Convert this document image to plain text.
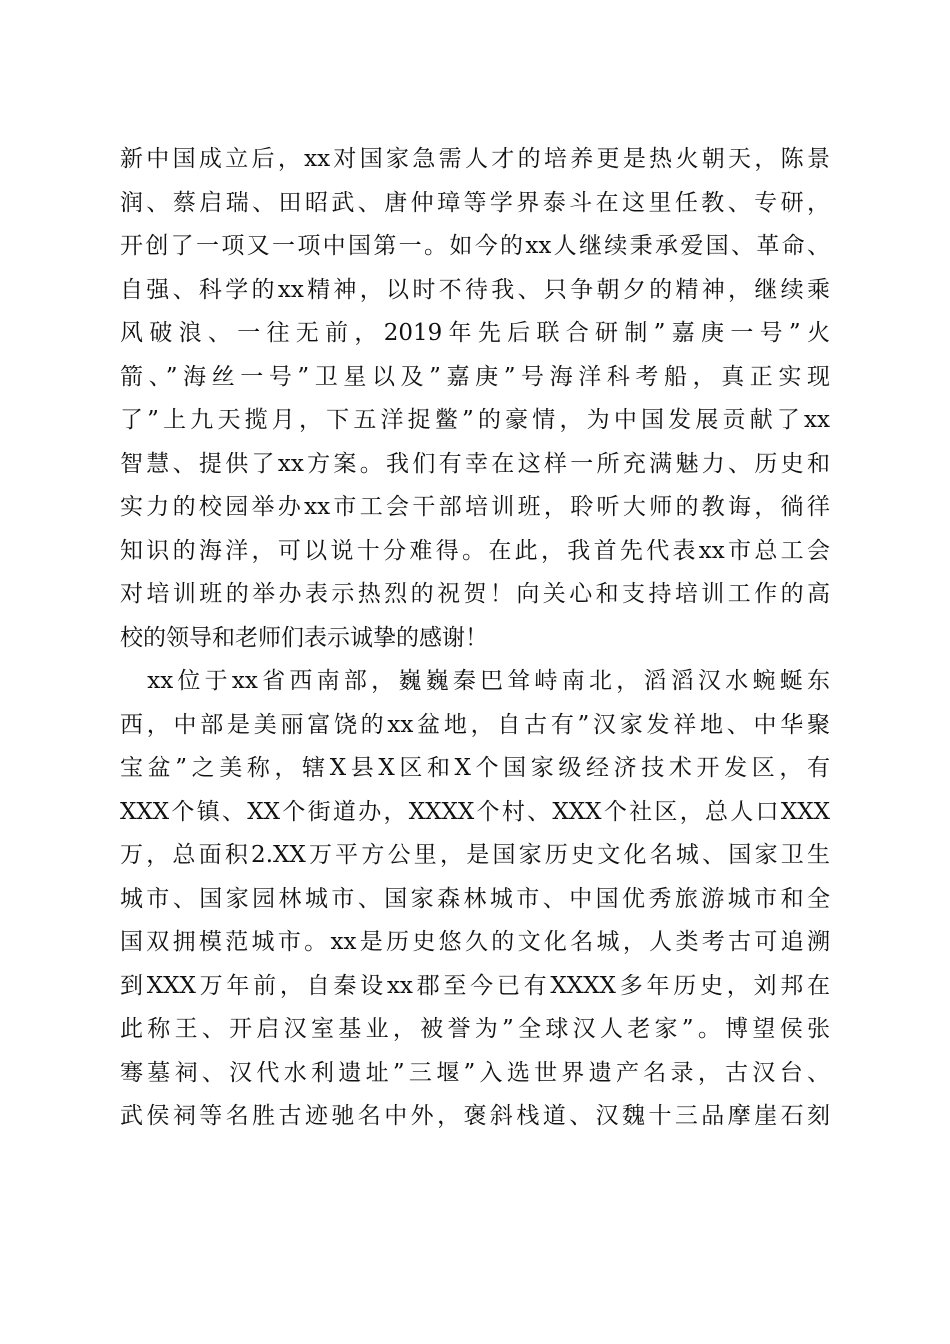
新中国成立后，xx对国家急需人才的培养更是热火朝天，陈景
润、蔡启瑞、田昭武、唐仲璋等学界泰斗在这里任教、专研，
开创了一项又一项中国第一。如今的xx人继续秉承爱国、革命、
自强、科学的xx精神，以时不待我、只争朝夕的精神，继续乘
风破浪、一往无前，2019年先后联合研制”嘉庚一号”火
箭、”海丝一号”卫星以及”嘉庚”号海洋科考船，真正实现
了”上九天揽月，下五洋捉鳖”的豪情，为中国发展贡献了xx
智慧、提供了xx方案。我们有幸在这样一所充满魅力、历史和
实力的校园举办xx市工会干部培训班，聆听大师的教诲，徜徉
知识的海洋，可以说十分难得。在此，我首先代表xx市总工会
对培训班的举办表示热烈的祝贺！向关心和支持培训工作的高
校的领导和老师们表示诚挚的感谢！
　xx位于xx省西南部，巍巍秦巴耸峙南北，滔滔汉水蜿蜒东
西，中部是美丽富饶的xx盆地，自古有”汉家发祥地、中华聚
宝盆”之美称，辖X县X区和X个国家级经济技术开发区，有
XXX个镇、XX个街道办，XXXX个村、XXX个社区，总人口XXX
万，总面积2.XX万平方公里，是国家历史文化名城、国家卫生
城市、国家园林城市、国家森林城市、中国优秀旅游城市和全
国双拥模范城市。xx是历史悠久的文化名城，人类考古可追溯
到XXX万年前，自秦设xx郡至今已有XXXX多年历史，刘邦在
此称王、开启汉室基业，被誉为”全球汉人老家”。博望侯张
骞墓祠、汉代水利遗址”三堰”入选世界遗产名录，古汉台、
武侯祠等名胜古迹驰名中外，褒斜栈道、汉魏十三品摩崖石刻
